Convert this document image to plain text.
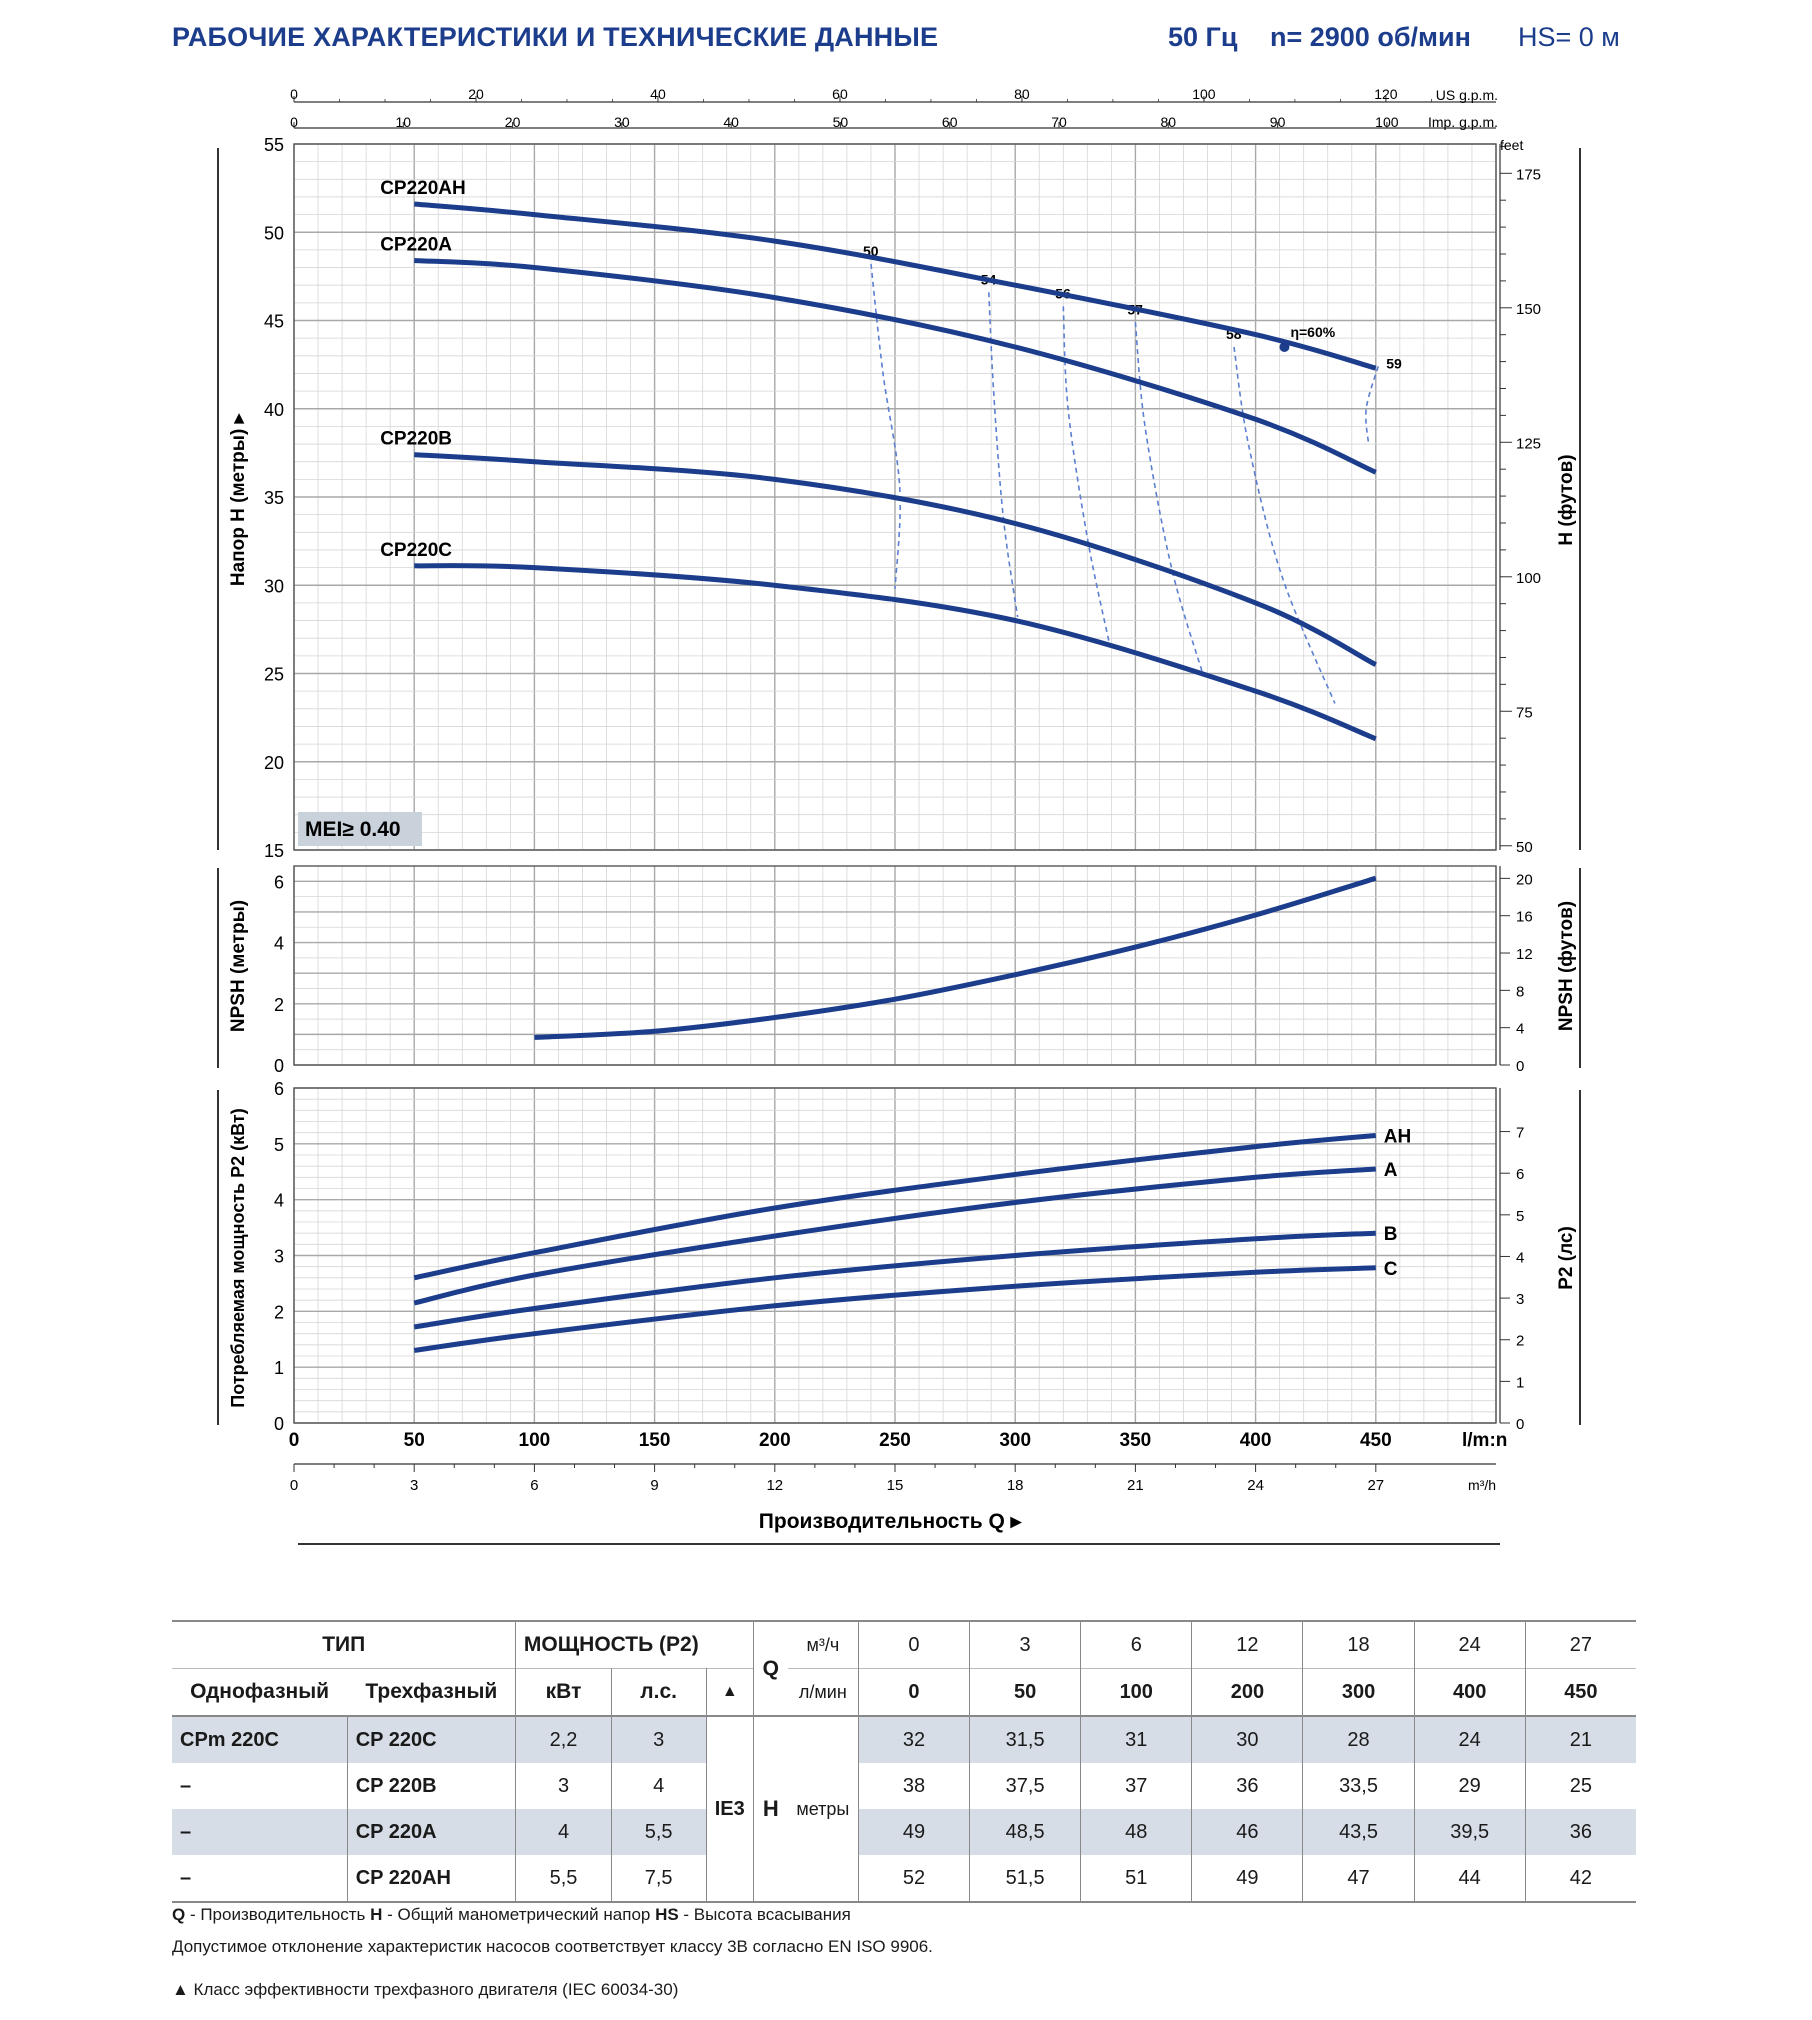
РАБОЧИЕ ХАРАКТЕРИСТИКИ И ТЕХНИЧЕСКИЕ ДАННЫЕ	50 Гц n= 2900 об/мин HS= 0 м
0	20	40	60	80	100	120
0	10	20	30	40	50	60	70	80	90	100
US g.p.m.
Imp. g.p.m.
15
20
25
30
35
40
45
50
55
50
75
100
125
150
175
feet
Напор H (метры) ▸	H (футов)
50
54
56
57
58
59
CP220AH
CP220A
CP220B
CP220C
η=60%
MEI≥ 0.40
0
2
4
6
0
4
8
12
16
20
NPSH (метры)	NPSH (футов)
0
1
2
3
4
5
6
0
1
2
3
4
5
6
7
Потребляемая мощность P2 (кВт)	P2 (лс)
AH
A
B
C
0	50	100	150	200	250	300	350	400	450	l/m:n
0	3	6	9	12	15	18	21	24	27	m³/h
Производительность Q ▸
ТИП		МОЩНОСТЬ (P2)			Q	м³/ч	0	3	6	12	18	24	27
Однофазный	Трехфазный	кВт	л.с.	▲		л/мин	0	50	100	200	300	400	450
CPm 220C	CP 220C	2,2	3	IE3	H	метры	32	31,5	31	30	28	24	21
–	CP 220B	3	4				38	37,5	37	36	33,5	29	25
–	CP 220A	4	5,5				49	48,5	48	46	43,5	39,5	36
–	CP 220AH	5,5	7,5				52	51,5	51	49	47	44	42
Q - Производительность H - Общий манометрический напор HS - Высота всасывания
Допустимое отклонение характеристик насосов соответствует классу 3B согласно EN ISO 9906.
▲ Класс эффективности трехфазного двигателя (IEC 60034-30)
